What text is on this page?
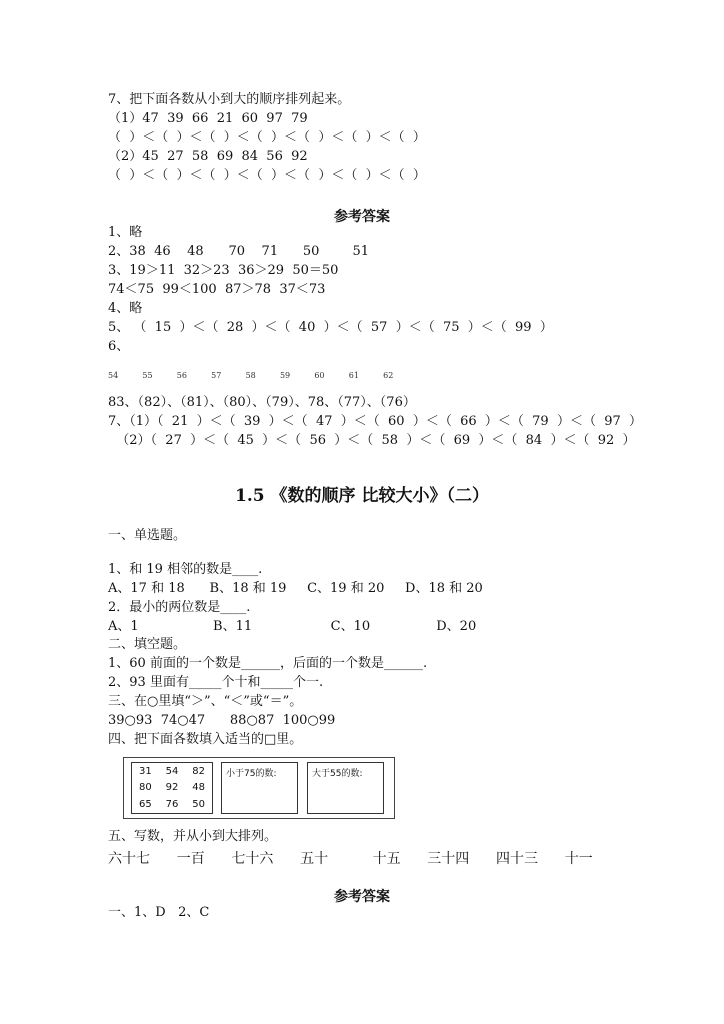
7、把下面各数从小到大的顺序排列起来。
（1）47  39  66  21  60  97  79
（  ）＜（  ）＜（  ）＜（  ）＜（  ）＜（  ）＜（  ）
（2）45  27  58  69  84  56  92
（  ）＜（  ）＜（  ）＜（  ）＜（  ）＜（  ）＜（  ）
参考答案
1、略
2、38  46    48      70    71      50        51
3、19＞11  32＞23  36＞29  50＝50
74＜75  99＜100  87＞78  37＜73
4、略
5、 （  15  ）＜（  28  ）＜（  40  ）＜（  57  ）＜（  75  ）＜（  99  ）
6、
54	55	56	57	58	59	60	61	62
83、（82）、（81）、（80）、（79）、78、（77）、（76）
7、（1）（  21  ）＜（  39  ）＜（  47  ）＜（  60  ）＜（  66  ）＜（  79  ）＜（  97  ）
（2）（  27  ）＜（  45  ）＜（  56  ）＜（  58  ）＜（  69  ）＜（  84  ）＜（  92  ）
1.5 《数的顺序 比较大小》（二）
一、单选题。
1、和 19 相邻的数是____.
A、17 和 18      B、18 和 19     C、19 和 20     D、18 和 20
2．最小的两位数是____.
A、1                  B、11                   C、10                D、20
二、填空题。
1、60 前面的一个数是______，后面的一个数是______.
2、93 里面有_____个十和_____个一.
三、在○里填“＞”、“＜”或“＝”。
39○93  74○47      88○87  100○99
四、把下面各数填入适当的□里。
31	54	82
80	92	48
65	76	50
小于75的数:	大于55的数:
五、写数，并从小到大排列。
六十七      一百      七十六      五十          十五      三十四      四十三      十一
参考答案
一、1、D   2、C
